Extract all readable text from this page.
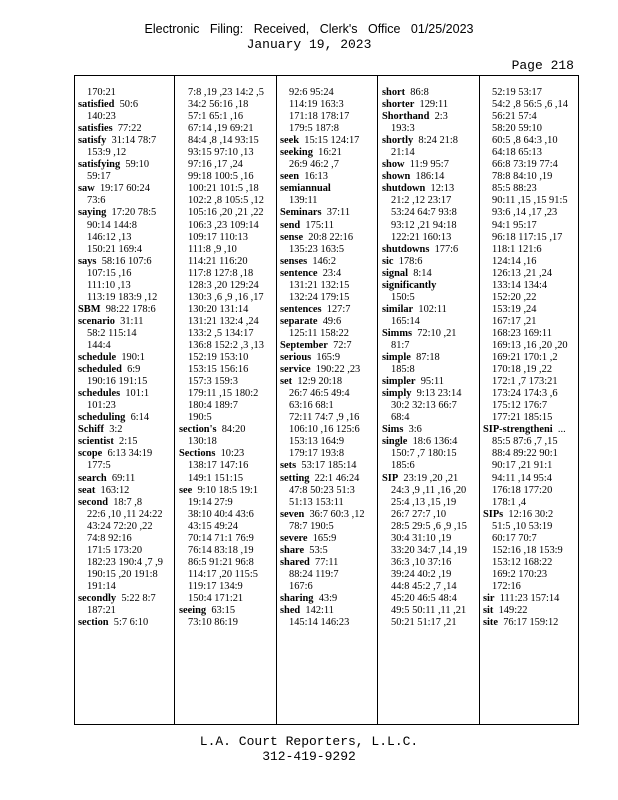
Electronic Filing: Received, Clerk's Office 01/25/2023
January 19, 2023
Page 218
170:21
satisfied 50:6
140:23
satisfies 77:22
satisfy 31:14 78:7
153:9 ,12
satisfying 59:10
59:17
saw 19:17 60:24
73:6
saying 17:20 78:5
90:14 144:8
146:12 ,13
150:21 169:4
says 58:16 107:6
107:15 ,16
111:10 ,13
113:19 183:9 ,12
SBM 98:22 178:6
scenario 31:11
58:2 115:14
144:4
schedule 190:1
scheduled 6:9
190:16 191:15
schedules 101:1
101:23
scheduling 6:14
Schiff 3:2
scientist 2:15
scope 6:13 34:19
177:5
search 69:11
seat 163:12
second 18:7 ,8
22:6 ,10 ,11 24:22
43:24 72:20 ,22
74:8 92:16
171:5 173:20
182:23 190:4 ,7 ,9
190:15 ,20 191:8
191:14
secondly 5:22 8:7
187:21
section 5:7 6:10
7:8 ,19 ,23 14:2 ,5
34:2 56:16 ,18
57:1 65:1 ,16
67:14 ,19 69:21
84:4 ,8 ,14 93:15
93:15 97:10 ,13
97:16 ,17 ,24
99:18 100:5 ,16
100:21 101:5 ,18
102:2 ,8 105:5 ,12
105:16 ,20 ,21 ,22
106:3 ,23 109:14
109:17 110:13
111:8 ,9 ,10
114:21 116:20
117:8 127:8 ,18
128:3 ,20 129:24
130:3 ,6 ,9 ,16 ,17
130:20 131:14
131:21 132:4 ,24
133:2 ,5 134:17
136:8 152:2 ,3 ,13
152:19 153:10
153:15 156:16
157:3 159:3
179:11 ,15 180:2
180:4 189:7
190:5
section's 84:20
130:18
Sections 10:23
138:17 147:16
149:1 151:15
see 9:10 18:5 19:1
19:14 27:9
38:10 40:4 43:6
43:15 49:24
70:14 71:1 76:9
76:14 83:18 ,19
86:5 91:21 96:8
114:17 ,20 115:5
119:17 134:9
150:4 171:21
seeing 63:15
73:10 86:19
92:6 95:24
114:19 163:3
171:18 178:17
179:5 187:8
seek 15:15 124:17
seeking 16:21
26:9 46:2 ,7
seen 16:13
semiannual
139:11
Seminars 37:11
send 175:11
sense 20:8 22:16
135:23 163:5
senses 146:2
sentence 23:4
131:21 132:15
132:24 179:15
sentences 127:7
separate 49:6
125:11 158:22
September 72:7
serious 165:9
service 190:22 ,23
set 12:9 20:18
26:7 46:5 49:4
63:16 68:1
72:11 74:7 ,9 ,16
106:10 ,16 125:6
153:13 164:9
179:17 193:8
sets 53:17 185:14
setting 22:1 46:24
47:8 50:23 51:3
51:13 153:11
seven 36:7 60:3 ,12
78:7 190:5
severe 165:9
share 53:5
shared 77:11
88:24 119:7
167:6
sharing 43:9
shed 142:11
145:14 146:23
short 86:8
shorter 129:11
Shorthand 2:3
193:3
shortly 8:24 21:8
21:14
show 11:9 95:7
shown 186:14
shutdown 12:13
21:2 ,12 23:17
53:24 64:7 93:8
93:12 ,21 94:18
122:21 160:13
shutdowns 177:6
sic 178:6
signal 8:14
significantly
150:5
similar 102:11
165:14
Simms 72:10 ,21
81:7
simple 87:18
185:8
simpler 95:11
simply 9:13 23:14
30:2 32:13 66:7
68:4
Sims 3:6
single 18:6 136:4
150:7 ,7 180:15
185:6
SIP 23:19 ,20 ,21
24:3 ,9 ,11 ,16 ,20
25:4 ,13 ,15 ,19
26:7 27:7 ,10
28:5 29:5 ,6 ,9 ,15
30:4 31:10 ,19
33:20 34:7 ,14 ,19
36:3 ,10 37:16
39:24 40:2 ,19
44:8 45:2 ,7 ,14
45:20 46:5 48:4
49:5 50:11 ,11 ,21
50:21 51:17 ,21
52:19 53:17
54:2 ,8 56:5 ,6 ,14
56:21 57:4
58:20 59:10
60:5 ,8 64:3 ,10
64:18 65:13
66:8 73:19 77:4
78:8 84:10 ,19
85:5 88:23
90:11 ,15 ,15 91:5
93:6 ,14 ,17 ,23
94:1 95:17
96:18 117:15 ,17
118:1 121:6
124:14 ,16
126:13 ,21 ,24
133:14 134:4
152:20 ,22
153:19 ,24
167:17 ,21
168:23 169:11
169:13 ,16 ,20 ,20
169:21 170:1 ,2
170:18 ,19 ,22
172:1 ,7 173:21
173:24 174:3 ,6
175:12 176:7
177:21 185:15
SIP-strengtheni ...
85:5 87:6 ,7 ,15
88:4 89:22 90:1
90:17 ,21 91:1
94:11 ,14 95:4
176:18 177:20
178:1 ,4
SIPs 12:16 30:2
51:5 ,10 53:19
60:17 70:7
152:16 ,18 153:9
153:12 168:22
169:2 170:23
172:16
sir 111:23 157:14
sit 149:22
site 76:17 159:12
L.A. Court Reporters, L.L.C.
312-419-9292
